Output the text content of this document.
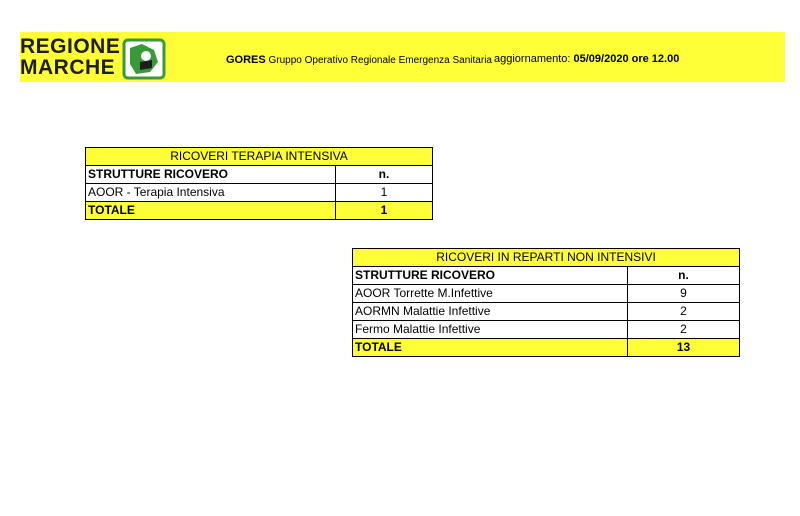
REGIONE
MARCHE	GORES Gruppo Operativo Regionale Emergenza Sanitaria aggiornamento: 05/09/2020 ore 12.00
RICOVERI TERAPIA INTENSIVA	
STRUTTURE RICOVERO	n.
AOOR - Terapia Intensiva	1
TOTALE	1
RICOVERI IN REPARTI NON INTENSIVI	
STRUTTURE RICOVERO	n.
AOOR Torrette M.Infettive	9
AORMN Malattie Infettive	2
Fermo Malattie Infettive	2
TOTALE	13
